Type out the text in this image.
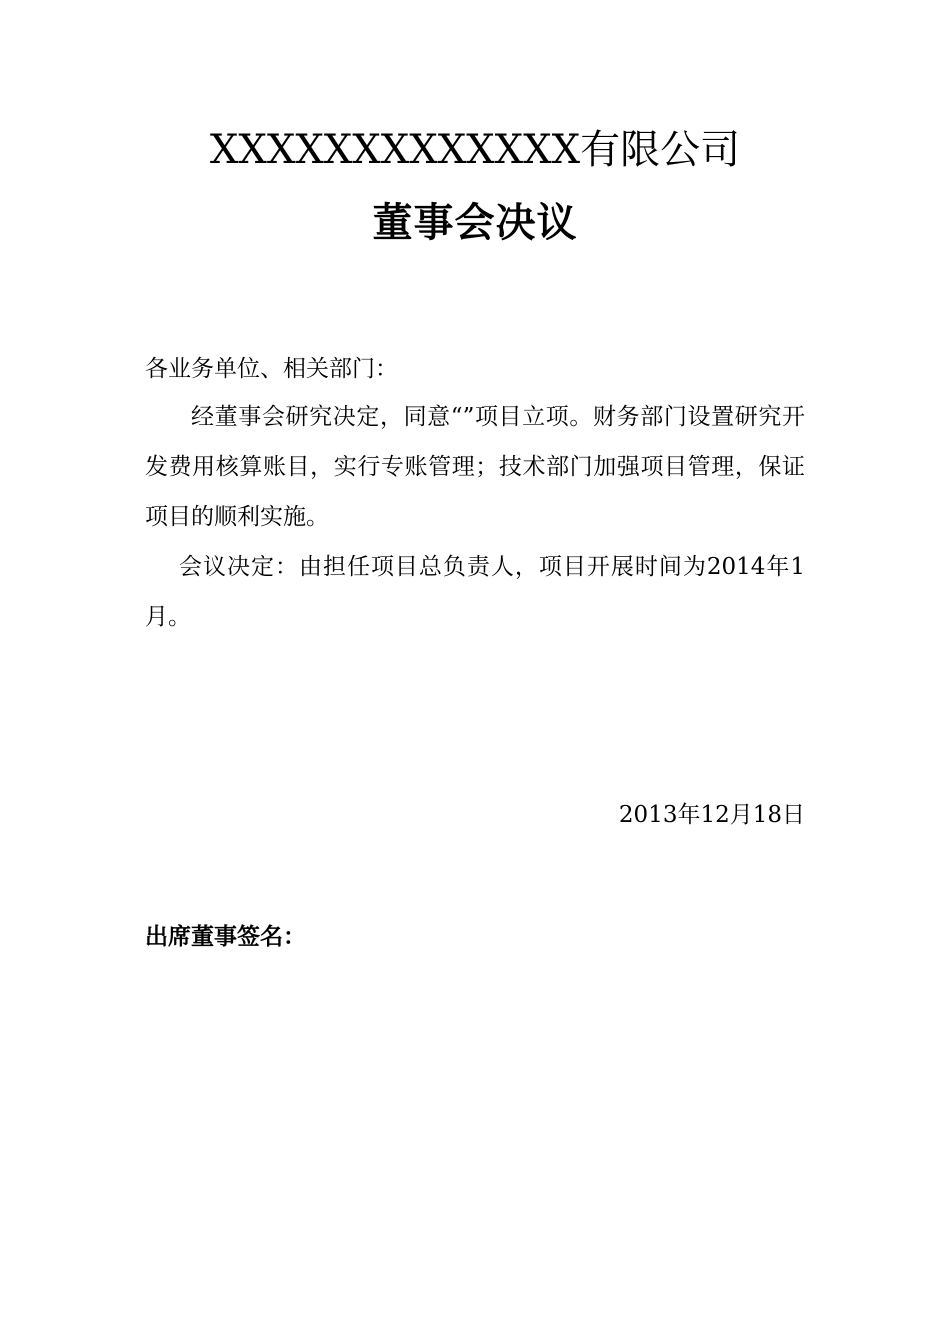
XXXXXXXXXXXXX有限公司
董事会决议
各业务单位、相关部门：
经董事会研究决定，同意“”项目立项。财务部门设置研究开发费用核算账目，实行专账管理；技术部门加强项目管理，保证项目的顺利实施。
会议决定：由担任项目总负责人，项目开展时间为2014年1月。
2013年12月18日
出席董事签名：
